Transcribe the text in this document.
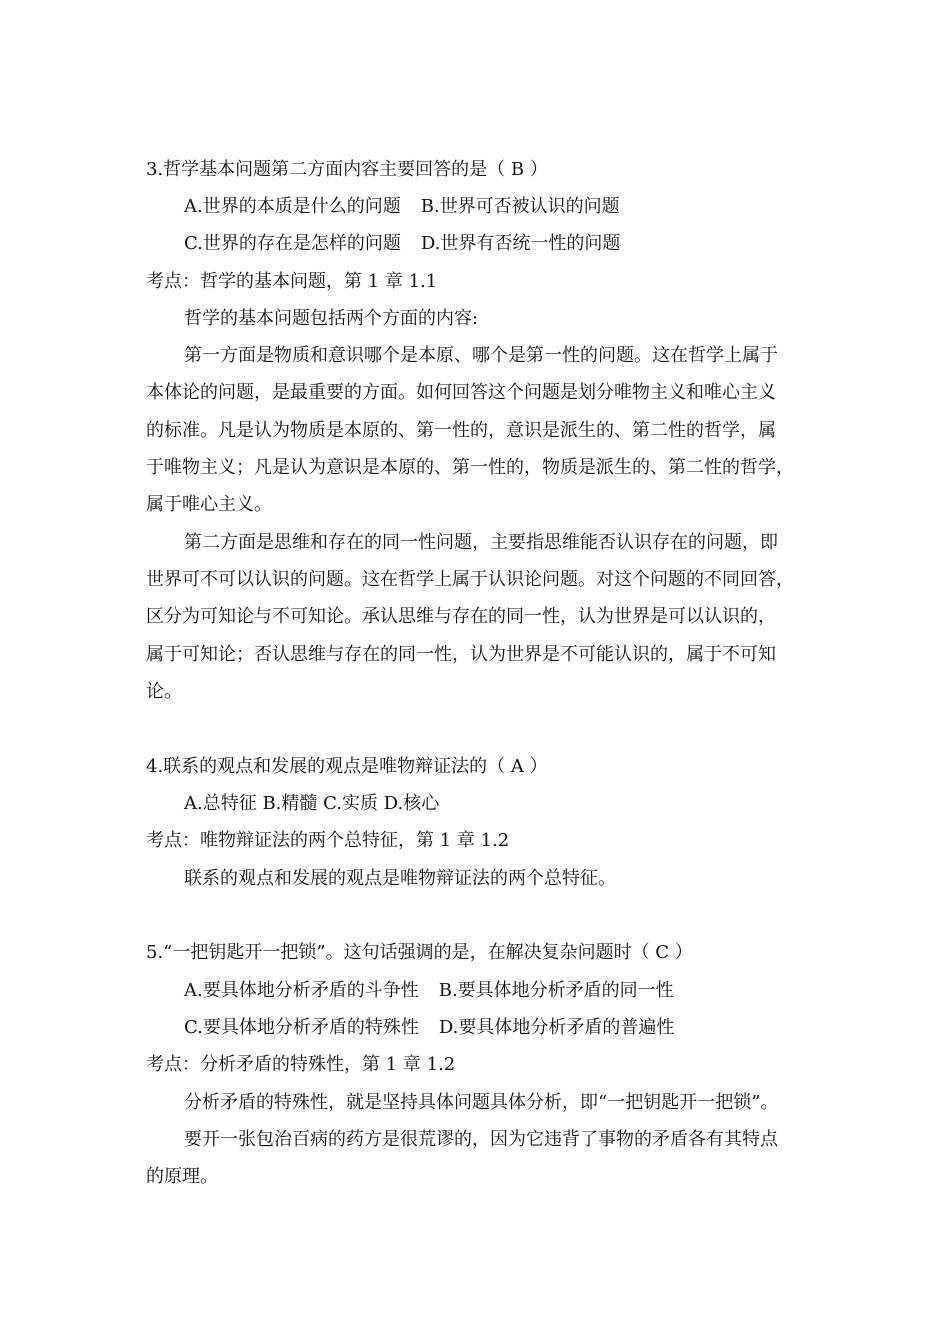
3.哲学基本问题第二方面内容主要回答的是（ B ）
A.世界的本质是什么的问题 B.世界可否被认识的问题
C.世界的存在是怎样的问题 D.世界有否统一性的问题
考点：哲学的基本问题，第 1 章 1.1
哲学的基本问题包括两个方面的内容:
第一方面是物质和意识哪个是本原、哪个是第一性的问题。这在哲学上属于
本体论的问题，是最重要的方面。如何回答这个问题是划分唯物主义和唯心主义
的标准。凡是认为物质是本原的、第一性的，意识是派生的、第二性的哲学，属
于唯物主义；凡是认为意识是本原的、第一性的，物质是派生的、第二性的哲学，
属于唯心主义。
第二方面是思维和存在的同一性问题，主要指思维能否认识存在的问题，即
世界可不可以认识的问题。这在哲学上属于认识论问题。对这个问题的不同回答，
区分为可知论与不可知论。承认思维与存在的同一性，认为世界是可以认识的，
属于可知论；否认思维与存在的同一性，认为世界是不可能认识的，属于不可知
论。
4.联系的观点和发展的观点是唯物辩证法的（ A ）
A.总特征 B.精髓 C.实质 D.核心
考点：唯物辩证法的两个总特征，第 1 章 1.2
联系的观点和发展的观点是唯物辩证法的两个总特征。
5.“一把钥匙开一把锁”。这句话强调的是，在解决复杂问题时（ C ）
A.要具体地分析矛盾的斗争性 B.要具体地分析矛盾的同一性
C.要具体地分析矛盾的特殊性 D.要具体地分析矛盾的普遍性
考点：分析矛盾的特殊性，第 1 章 1.2
分析矛盾的特殊性，就是坚持具体问题具体分析，即“一把钥匙开一把锁”。
要开一张包治百病的药方是很荒谬的，因为它违背了事物的矛盾各有其特点
的原理。
